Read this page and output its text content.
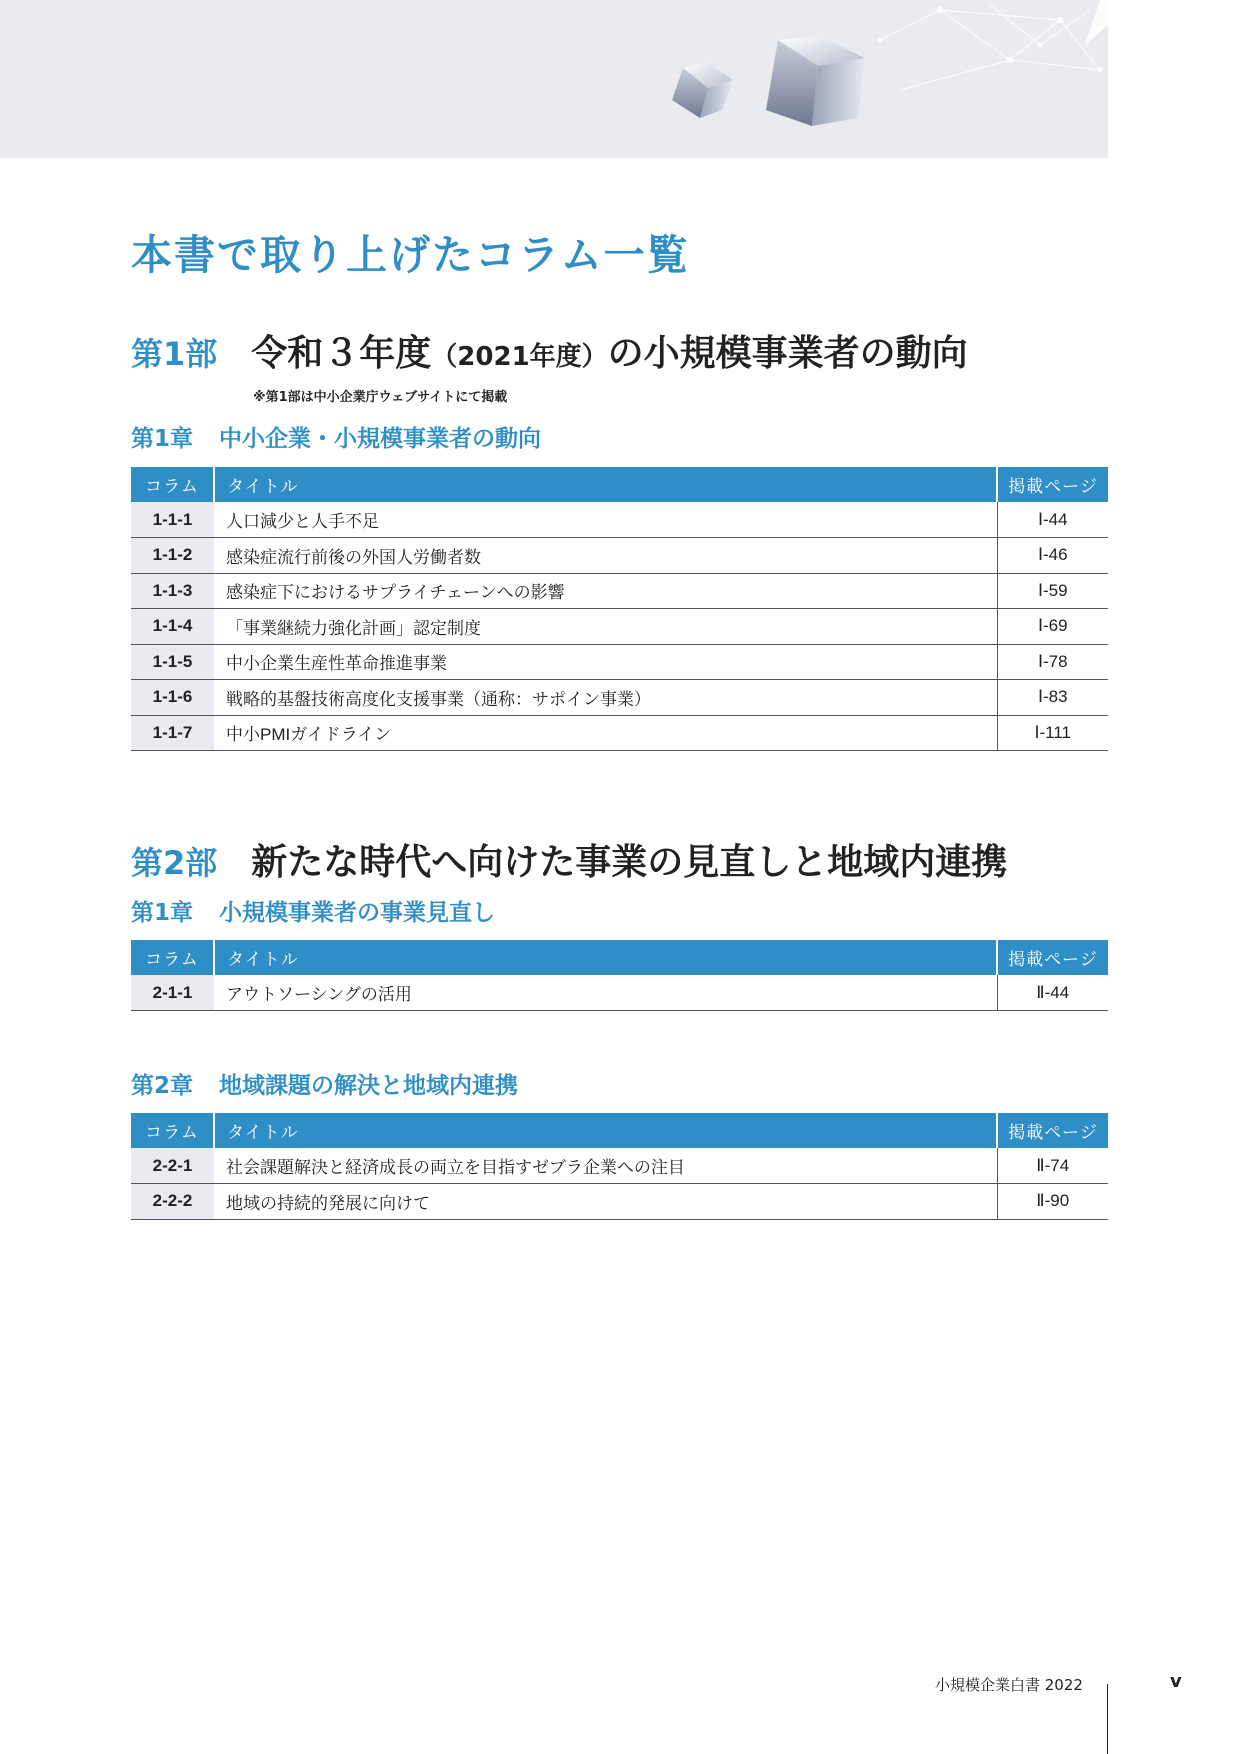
本書で取り上げたコラム一覧
第1部 令和３年度（2021年度）の小規模事業者の動向
※第1部は中小企業庁ウェブサイトにて掲載
第1章 中小企業・小規模事業者の動向
コラム	タイトル	掲載ページ
1-1-1	人口減少と人手不足	Ⅰ-44
1-1-2	感染症流行前後の外国人労働者数	Ⅰ-46
1-1-3	感染症下におけるサプライチェーンへの影響	Ⅰ-59
1-1-4	「事業継続力強化計画」認定制度	Ⅰ-69
1-1-5	中小企業生産性革命推進事業	Ⅰ-78
1-1-6	戦略的基盤技術高度化支援事業（通称：サポイン事業）	Ⅰ-83
1-1-7	中小PMIガイドライン	Ⅰ-111
第2部 新たな時代へ向けた事業の見直しと地域内連携
第1章 小規模事業者の事業見直し
コラム	タイトル	掲載ページ
2-1-1	アウトソーシングの活用	Ⅱ-44
第2章 地域課題の解決と地域内連携
コラム	タイトル	掲載ページ
2-2-1	社会課題解決と経済成長の両立を目指すゼブラ企業への注目	Ⅱ-74
2-2-2	地域の持続的発展に向けて	Ⅱ-90
小規模企業白書 2022	v
